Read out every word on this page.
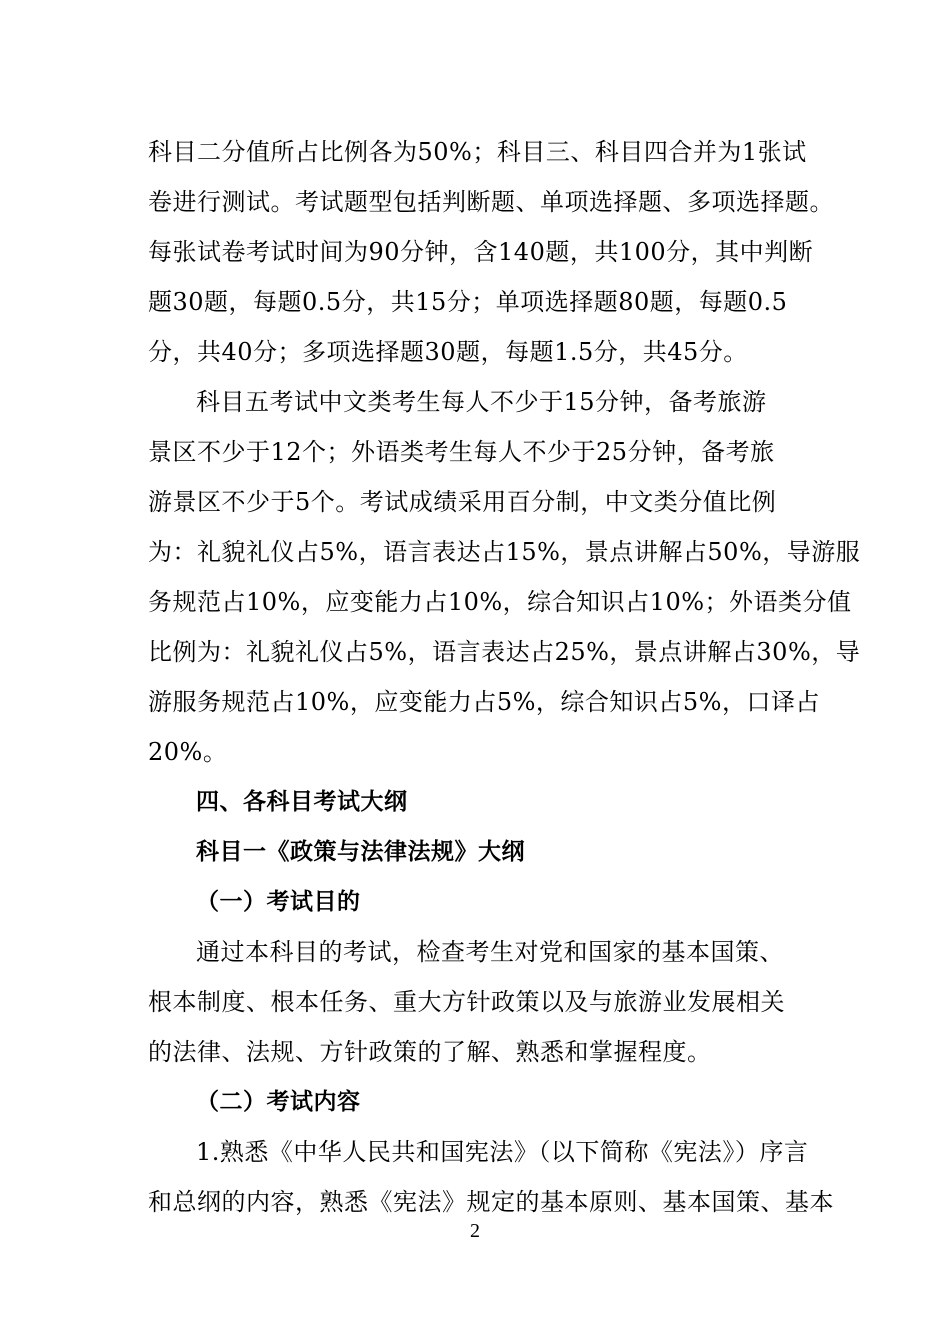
科目二分值所占比例各为50%；科目三、科目四合并为1张试
卷进行测试。考试题型包括判断题、单项选择题、多项选择题。
每张试卷考试时间为90分钟，含140题，共100分，其中判断
题30题，每题0.5分，共15分；单项选择题80题，每题0.5
分，共40分；多项选择题30题，每题1.5分，共45分。
科目五考试中文类考生每人不少于15分钟，备考旅游
景区不少于12个；外语类考生每人不少于25分钟，备考旅
游景区不少于5个。考试成绩采用百分制，中文类分值比例
为：礼貌礼仪占5%，语言表达占15%，景点讲解占50%，导游服
务规范占10%，应变能力占10%，综合知识占10%；外语类分值
比例为：礼貌礼仪占5%，语言表达占25%，景点讲解占30%，导
游服务规范占10%，应变能力占5%，综合知识占5%，口译占
20%。
四、各科目考试大纲
科目一《政策与法律法规》大纲
（一）考试目的
通过本科目的考试，检查考生对党和国家的基本国策、
根本制度、根本任务、重大方针政策以及与旅游业发展相关
的法律、法规、方针政策的了解、熟悉和掌握程度。
（二）考试内容
1.熟悉《中华人民共和国宪法》（以下简称《宪法》）序言
和总纲的内容，熟悉《宪法》规定的基本原则、基本国策、基本
2
